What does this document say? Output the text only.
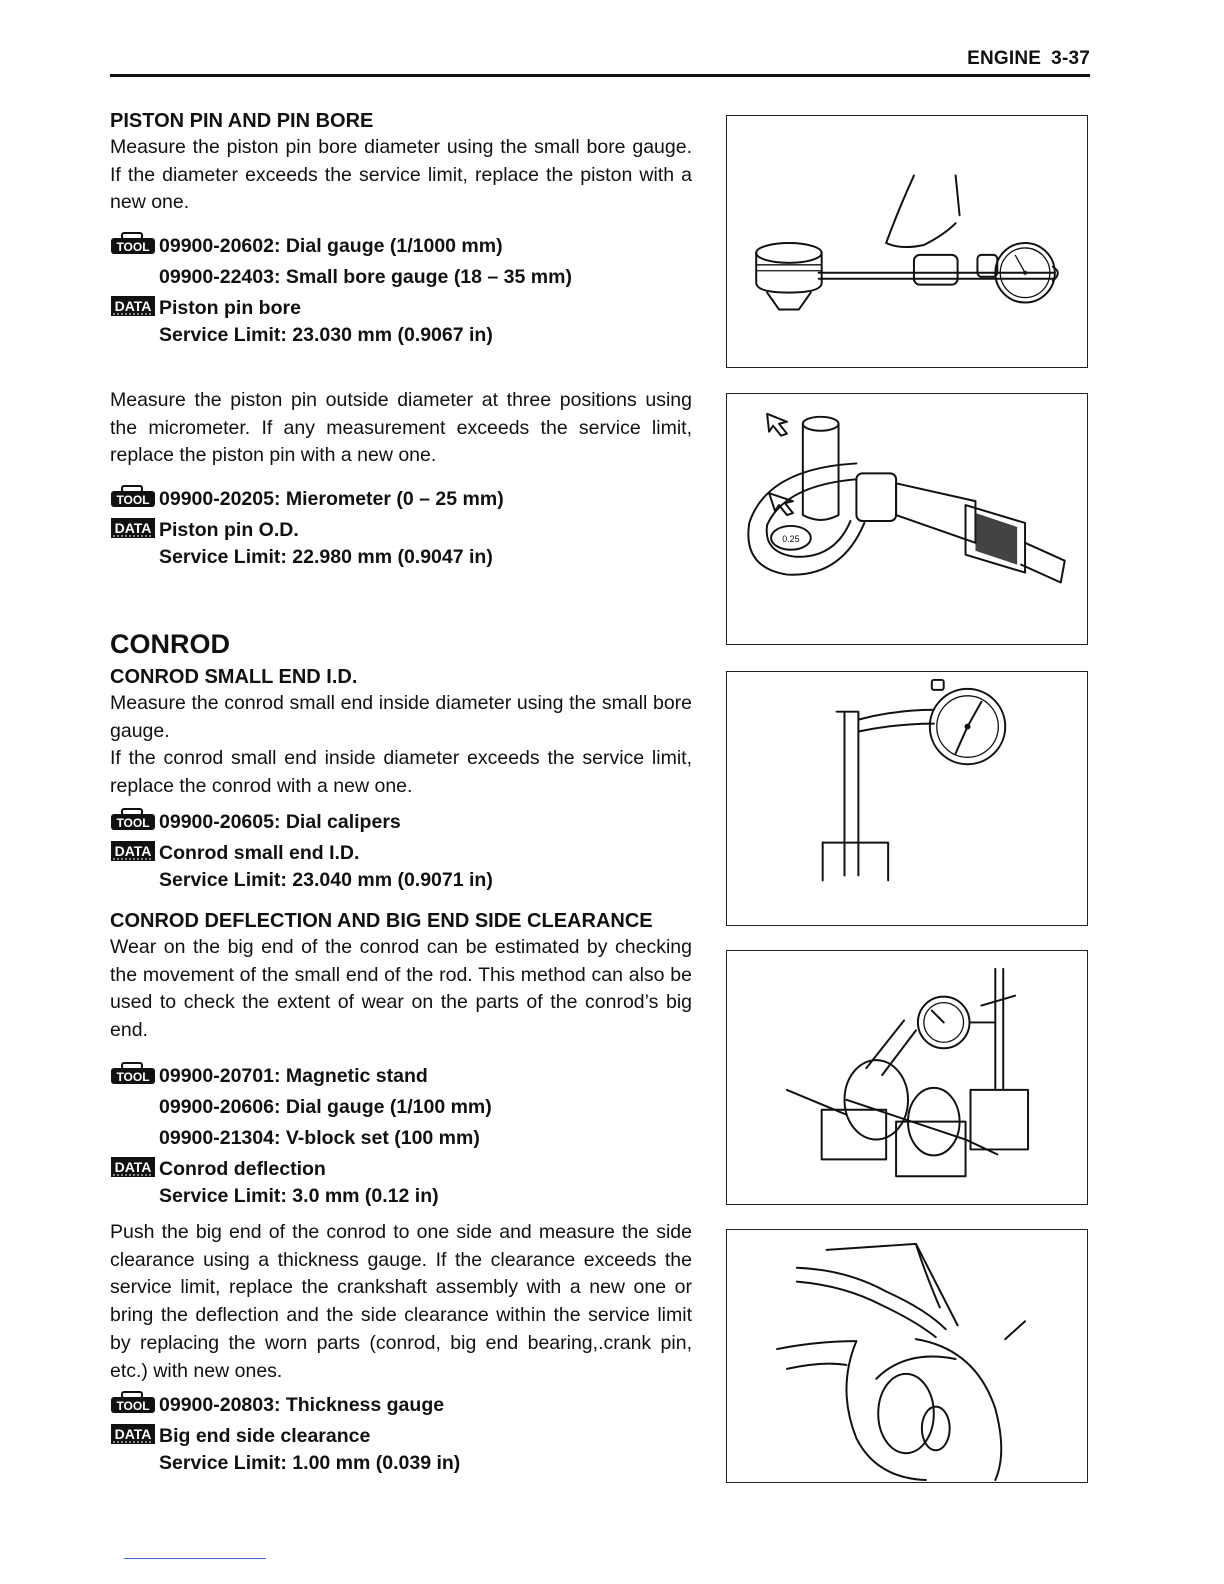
ENGINE 3-37
PISTON PIN AND PIN BORE

Measure the piston pin bore diameter using the small bore gauge. If the diameter exceeds the service limit, replace the piston with a new one.

TOOL 09900-20602: Dial gauge (1/1000 mm)
09900-22403: Small bore gauge (18 – 35 mm)
DATA Piston pin bore
Service Limit: 23.030 mm (0.9067 in)

Measure the piston pin outside diameter at three positions using the micrometer. If any measurement exceeds the service limit, replace the piston pin with a new one.

TOOL 09900-20205: Mierometer (0 – 25 mm)
DATA Piston pin O.D.
Service Limit: 22.980 mm (0.9047 in)
CONROD
CONROD SMALL END I.D.

Measure the conrod small end inside diameter using the small bore gauge.

If the conrod small end inside diameter exceeds the service limit, replace the conrod with a new one.

TOOL 09900-20605: Dial calipers
DATA Conrod small end I.D.
Service Limit: 23.040 mm (0.9071 in)
CONROD DEFLECTION AND BIG END SIDE CLEARANCE

Wear on the big end of the conrod can be estimated by checking the movement of the small end of the rod. This method can also be used to check the extent of wear on the parts of the conrod’s big end.

TOOL 09900-20701: Magnetic stand
09900-20606: Dial gauge (1/100 mm)
09900-21304: V-block set (100 mm)
DATA Conrod deflection
Service Limit: 3.0 mm (0.12 in)

Push the big end of the conrod to one side and measure the side clearance using a thickness gauge. If the clearance exceeds the service limit, replace the crankshaft assembly with a new one or bring the deflection and the side clearance within the service limit by replacing the worn parts (conrod, big end bearing,.crank pin, etc.) with new ones.

TOOL 09900-20803: Thickness gauge
DATA Big end side clearance
Service Limit: 1.00 mm (0.039 in)
0.25
